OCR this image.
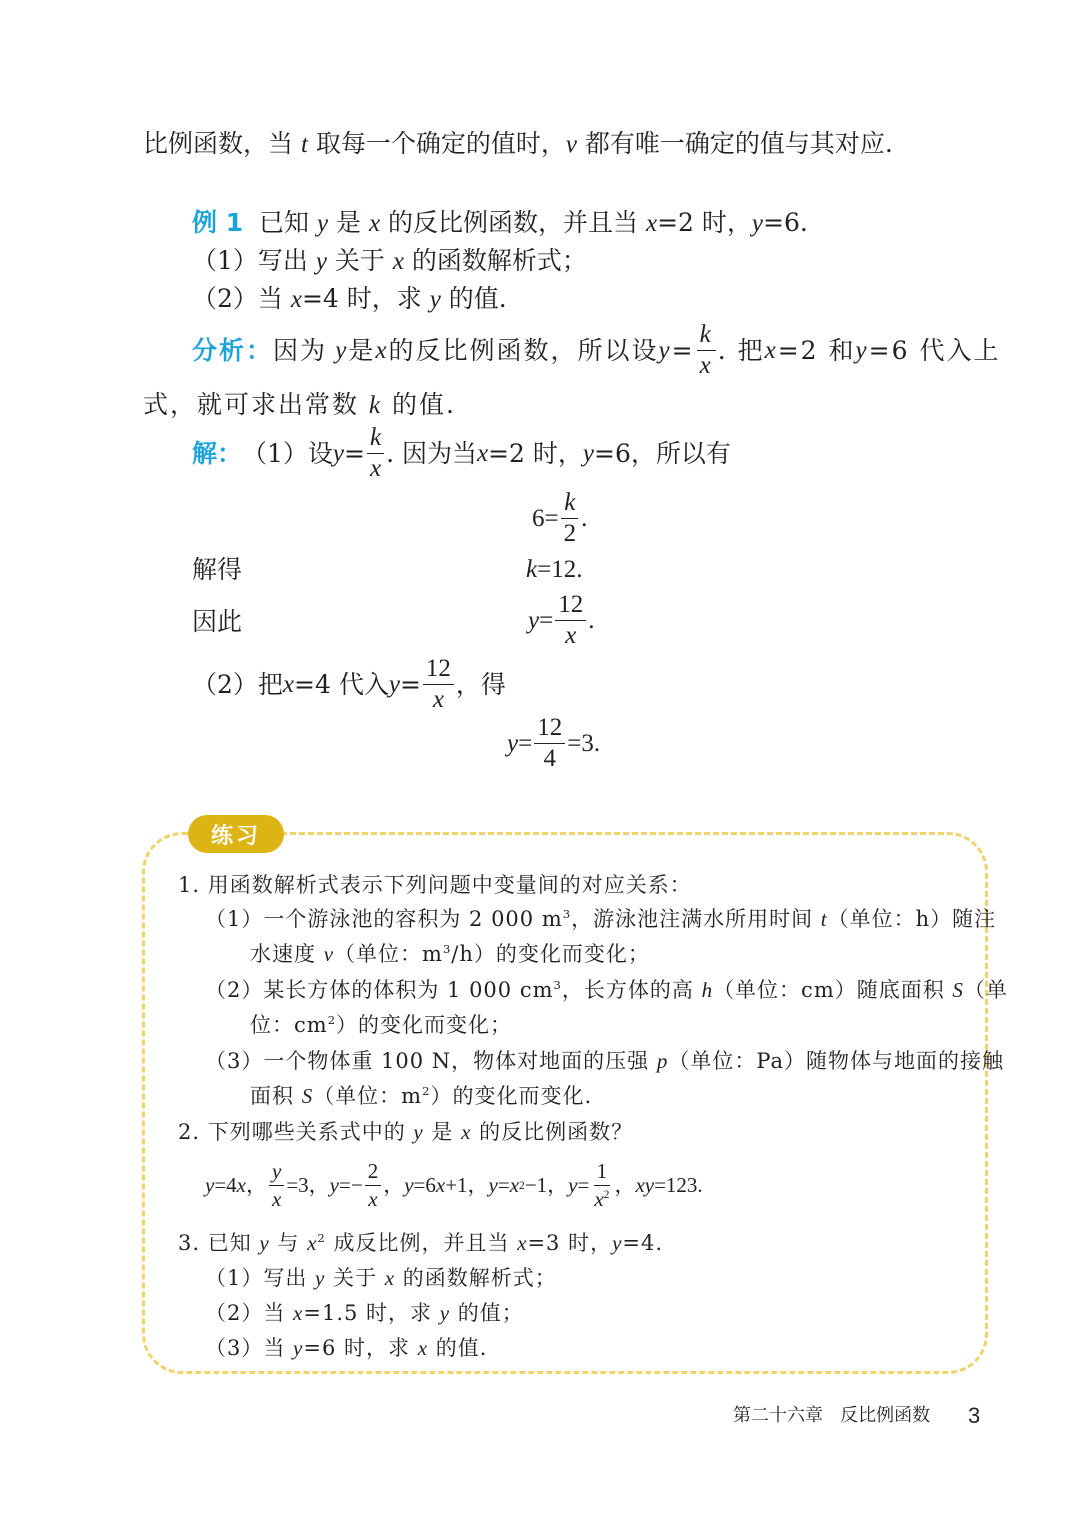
比例函数，当 t 取每一个确定的值时，v 都有唯一确定的值与其对应.
例 1 已知 y 是 x 的反比例函数，并且当 x=2 时，y=6.
（1）写出 y 关于 x 的函数解析式；
（2）当 x=4 时，求 y 的值.
分析： 因为
y 是 x 的反比例函数，所以设 $y = \frac{k}{x}$ . 把 x =2 和 y =6 代入上
式，就可求出常数 k 的值.
解： （1）设 $y = \frac{k}{x}$ . 因为当 x =2 时， y =6，所以有
$6= \frac{k}{2}$ .
解得	k=12.
因此	$y = \frac{12}{x}$ .
（2）把 x =4 代入 $y = \frac{12}{x}$ ，得
$y = \frac{12}{4} =3$.
练习
1. 用函数解析式表示下列问题中变量间的对应关系：
（1）一个游泳池的容积为 2 000 $m^3$，游泳池注满水所用时间 t（单位：h）随注
水速度 v（单位：$m^3/h$）的变化而变化；
（2）某长方体的体积为 1 000 $cm^3$，长方体的高 h（单位：cm）随底面积 S（单
位：$cm^2$）的变化而变化；
（3）一个物体重 100 N，物体对地面的压强 p（单位：Pa）随物体与地面的接触
面积 S（单位：$m^2$）的变化而变化.
2. 下列哪些关系式中的 y 是 x 的反比例函数？
y =4 x ， $\frac{y}{x} =3$ ， $y =- \frac{2}{x}$ ， y =6 x +1 ， y = x 2 −1 ， $y = \frac{1}{x^2}$ ， x y =123.
3. 已知 y 与 $x^2$ 成反比例，并且当 x=3 时，y=4.
（1）写出 y 关于 x 的函数解析式；
（2）当 x=1.5 时，求 y 的值；
（3）当 y=6 时，求 x 的值.
第二十六章 反比例函数 3
